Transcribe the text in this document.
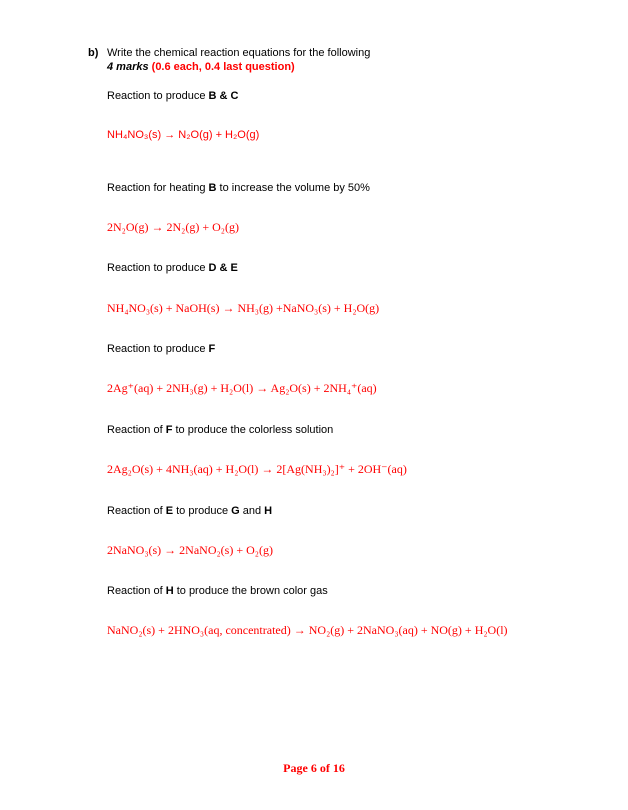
b) Write the chemical reaction equations for the following
4 marks (0.6 each, 0.4 last question)
Reaction to produce B & C
NH₄NO₃(s) → N₂O(g) + H₂O(g)
Reaction for heating B to increase the volume by 50%
2N₂O(g) → 2N₂(g) + O₂(g)
Reaction to produce D & E
NH₄NO₃(s) + NaOH(s) → NH₃(g) +NaNO₃(s) + H₂O(g)
Reaction to produce F
2Ag⁺(aq) + 2NH₃(g) + H₂O(l) → Ag₂O(s) + 2NH₄⁺(aq)
Reaction of F to produce the colorless solution
2Ag₂O(s) + 4NH₃(aq) + H₂O(l) → 2[Ag(NH₃)₂]⁺ + 2OH⁻(aq)
Reaction of E to produce G and H
2NaNO₃(s) → 2NaNO₂(s) + O₂(g)
Reaction of H to produce the brown color gas
NaNO₂(s) + 2HNO₃(aq, concentrated) → NO₂(g) + 2NaNO₃(aq) + NO(g) + H₂O(l)
Page 6 of 16
